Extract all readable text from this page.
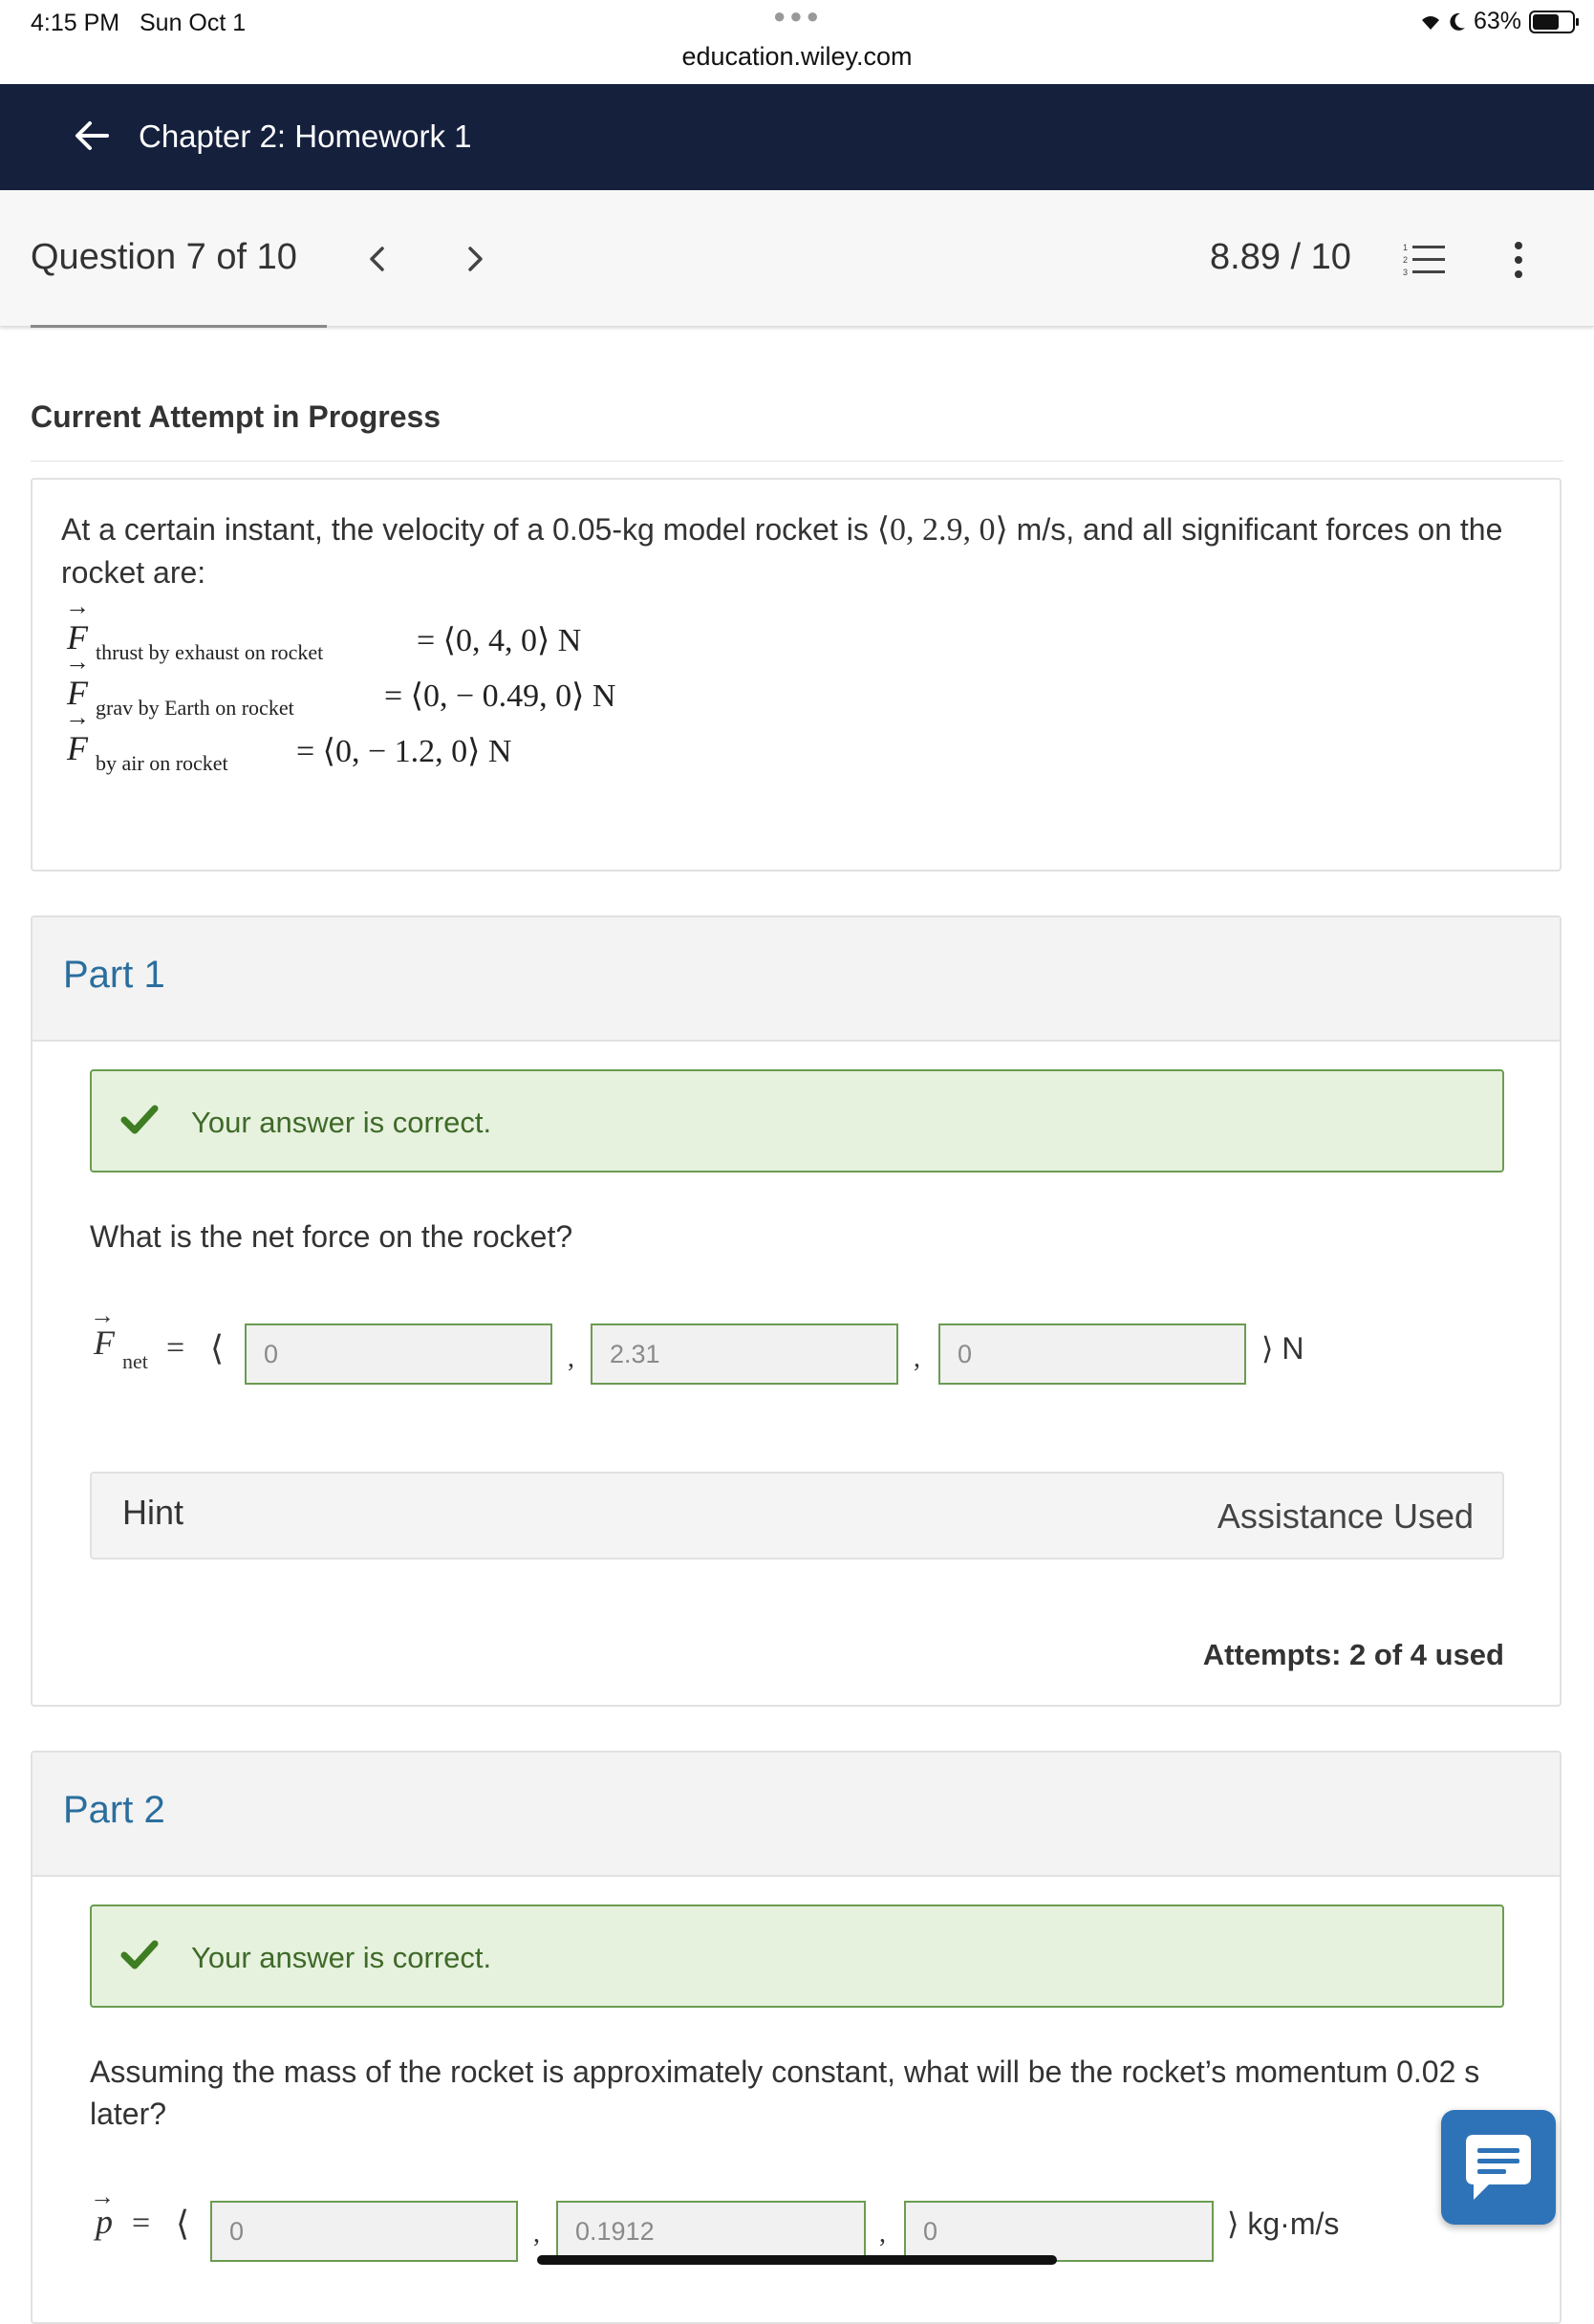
4:15 PM Sun Oct 1	●●●
education.wiley.com
63%
Chapter 2: Homework 1
Question 7 of 10	8.89 / 10	1
2
3
Current Attempt in Progress
At a certain instant, the velocity of a 0.05-kg model rocket is ⟨0, 2.9, 0⟩ m/s, and all significant forces on the rocket are:
→ F thrust by exhaust on rocket	= ⟨0, 4, 0⟩ N
→ F grav by Earth on rocket	= ⟨0, − 0.49, 0⟩ N
→ F by air on rocket = ⟨0, − 1.2, 0⟩ N
Part 1
Your answer is correct.
What is the net force on the rocket?
F
→
net = ⟨	,	,	⟩ N
0	2.31	0
Hint	Assistance Used
Attempts: 2 of 4 used
Part 2
Your answer is correct.
Assuming the mass of the rocket is approximately constant, what will be the rocket’s momentum 0.02 s later?
p
→
= ⟨	,	,	⟩ kg·m/s
0	0.1912	0
